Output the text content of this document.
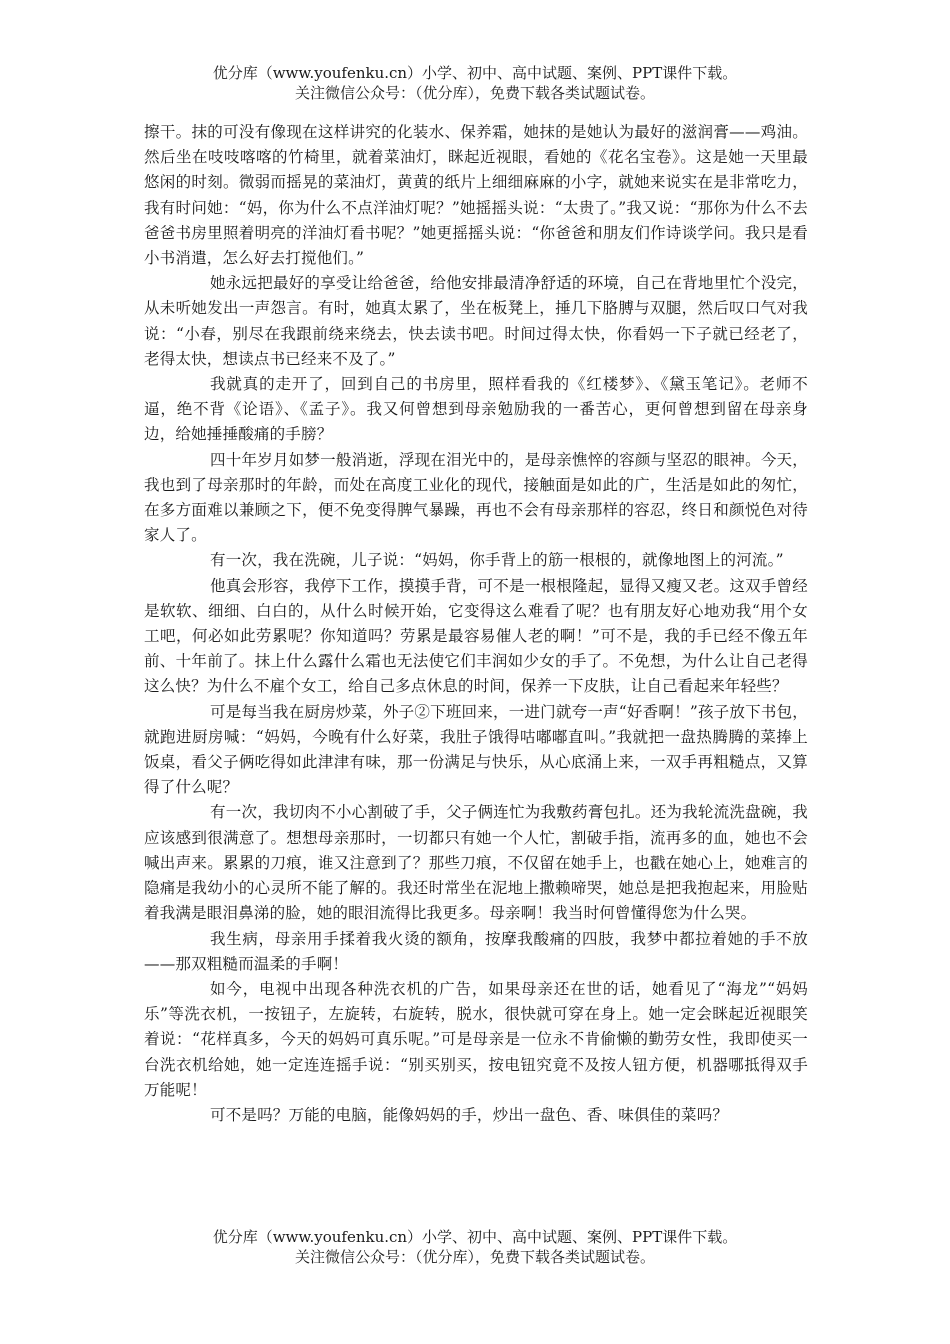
优分库（www.youfenku.cn）小学、初中、高中试题、案例、PPT课件下载。
关注微信公众号：（优分库），免费下载各类试题试卷。

擦干。抹的可没有像现在这样讲究的化装水、保养霜，她抹的是她认为最好的滋润膏——鸡油。然后坐在吱吱喀喀的竹椅里，就着菜油灯，眯起近视眼，看她的《花名宝卷》。这是她一天里最悠闲的时刻。微弱而摇晃的菜油灯，黄黄的纸片上细细麻麻的小字，就她来说实在是非常吃力，我有时问她：“妈，你为什么不点洋油灯呢？”她摇摇头说：“太贵了。”我又说：“那你为什么不去爸爸书房里照着明亮的洋油灯看书呢？”她更摇摇头说：“你爸爸和朋友们作诗谈学问。我只是看小书消遣，怎么好去打搅他们。”

她永远把最好的享受让给爸爸，给他安排最清净舒适的环境，自己在背地里忙个没完，从未听她发出一声怨言。有时，她真太累了，坐在板凳上，捶几下胳膊与双腿，然后叹口气对我说：“小春，别尽在我跟前绕来绕去，快去读书吧。时间过得太快，你看妈一下子就已经老了，老得太快，想读点书已经来不及了。”

我就真的走开了，回到自己的书房里，照样看我的《红楼梦》、《黛玉笔记》。老师不逼，绝不背《论语》、《孟子》。我又何曾想到母亲勉励我的一番苦心，更何曾想到留在母亲身边，给她捶捶酸痛的手膀？

四十年岁月如梦一般消逝，浮现在泪光中的，是母亲憔悴的容颜与坚忍的眼神。今天，我也到了母亲那时的年龄，而处在高度工业化的现代，接触面是如此的广，生活是如此的匆忙，在多方面难以兼顾之下，便不免变得脾气暴躁，再也不会有母亲那样的容忍，终日和颜悦色对待家人了。

有一次，我在洗碗，儿子说：“妈妈，你手背上的筋一根根的，就像地图上的河流。”

他真会形容，我停下工作，摸摸手背，可不是一根根隆起，显得又瘦又老。这双手曾经是软软、细细、白白的，从什么时候开始，它变得这么难看了呢？也有朋友好心地劝我“用个女工吧，何必如此劳累呢？你知道吗？劳累是最容易催人老的啊！”可不是，我的手已经不像五年前、十年前了。抹上什么露什么霜也无法使它们丰润如少女的手了。不免想，为什么让自己老得这么快？为什么不雇个女工，给自己多点休息的时间，保养一下皮肤，让自己看起来年轻些？

可是每当我在厨房炒菜，外子②下班回来，一进门就夸一声“好香啊！”孩子放下书包，就跑进厨房喊：“妈妈，今晚有什么好菜，我肚子饿得咕嘟嘟直叫。”我就把一盘热腾腾的菜捧上饭桌，看父子俩吃得如此津津有味，那一份满足与快乐，从心底涌上来，一双手再粗糙点，又算得了什么呢？

有一次，我切肉不小心割破了手，父子俩连忙为我敷药膏包扎。还为我轮流洗盘碗，我应该感到很满意了。想想母亲那时，一切都只有她一个人忙，割破手指，流再多的血，她也不会喊出声来。累累的刀痕，谁又注意到了？那些刀痕，不仅留在她手上，也戳在她心上，她难言的隐痛是我幼小的心灵所不能了解的。我还时常坐在泥地上撒赖啼哭，她总是把我抱起来，用脸贴着我满是眼泪鼻涕的脸，她的眼泪流得比我更多。母亲啊！我当时何曾懂得您为什么哭。

我生病，母亲用手揉着我火烫的额角，按摩我酸痛的四肢，我梦中都拉着她的手不放——那双粗糙而温柔的手啊！

如今，电视中出现各种洗衣机的广告，如果母亲还在世的话，她看见了“海龙”“妈妈乐”等洗衣机，一按钮子，左旋转，右旋转，脱水，很快就可穿在身上。她一定会眯起近视眼笑着说：“花样真多，今天的妈妈可真乐呢。”可是母亲是一位永不肯偷懒的勤劳女性，我即使买一台洗衣机给她，她一定连连摇手说：“别买别买，按电钮究竟不及按人钮方便，机器哪抵得双手万能呢！

可不是吗？万能的电脑，能像妈妈的手，炒出一盘色、香、味俱佳的菜吗？

优分库（www.youfenku.cn）小学、初中、高中试题、案例、PPT课件下载。
关注微信公众号：（优分库），免费下载各类试题试卷。
